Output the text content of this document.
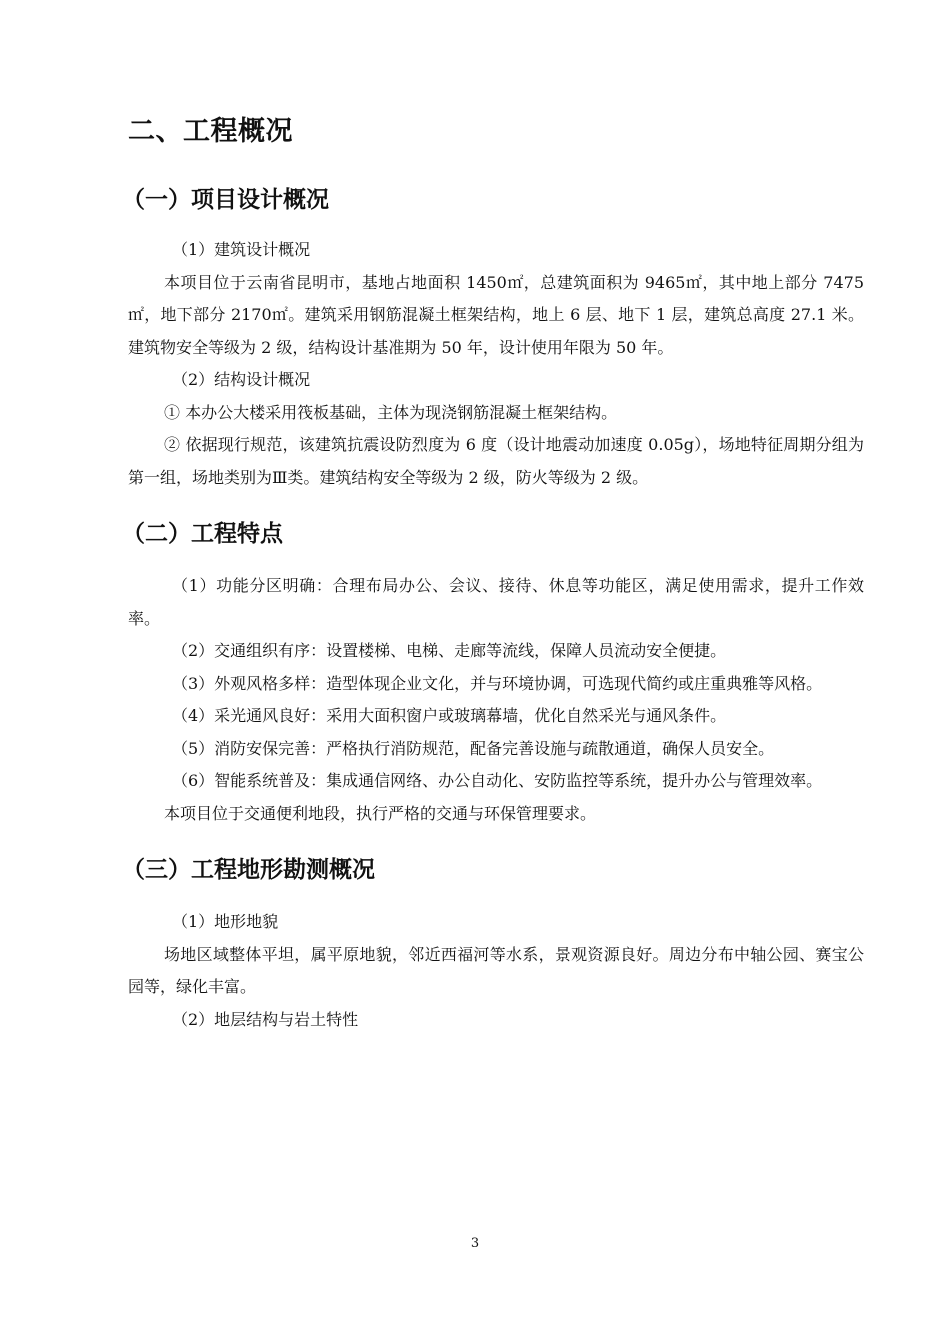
二、工程概况
（一）项目设计概况

（1）建筑设计概况

本项目位于云南省昆明市，基地占地面积 1450㎡，总建筑面积为 9465㎡，其中地上部分 7475㎡，地下部分 2170㎡。建筑采用钢筋混凝土框架结构，地上 6 层、地下 1 层，建筑总高度 27.1 米。建筑物安全等级为 2 级，结构设计基准期为 50 年，设计使用年限为 50 年。

（2）结构设计概况

① 本办公大楼采用筏板基础，主体为现浇钢筋混凝土框架结构。

② 依据现行规范，该建筑抗震设防烈度为 6 度（设计地震动加速度 0.05g），场地特征周期分组为第一组，场地类别为Ⅲ类。建筑结构安全等级为 2 级，防火等级为 2 级。

（二）工程特点

（1）功能分区明确：合理布局办公、会议、接待、休息等功能区，满足使用需求，提升工作效率。

（2）交通组织有序：设置楼梯、电梯、走廊等流线，保障人员流动安全便捷。

（3）外观风格多样：造型体现企业文化，并与环境协调，可选现代简约或庄重典雅等风格。

（4）采光通风良好：采用大面积窗户或玻璃幕墙，优化自然采光与通风条件。

（5）消防安保完善：严格执行消防规范，配备完善设施与疏散通道，确保人员安全。

（6）智能系统普及：集成通信网络、办公自动化、安防监控等系统，提升办公与管理效率。

本项目位于交通便利地段，执行严格的交通与环保管理要求。

（三）工程地形勘测概况

（1）地形地貌

场地区域整体平坦，属平原地貌，邻近西福河等水系，景观资源良好。周边分布中轴公园、赛宝公园等，绿化丰富。

（2）地层结构与岩土特性

3
